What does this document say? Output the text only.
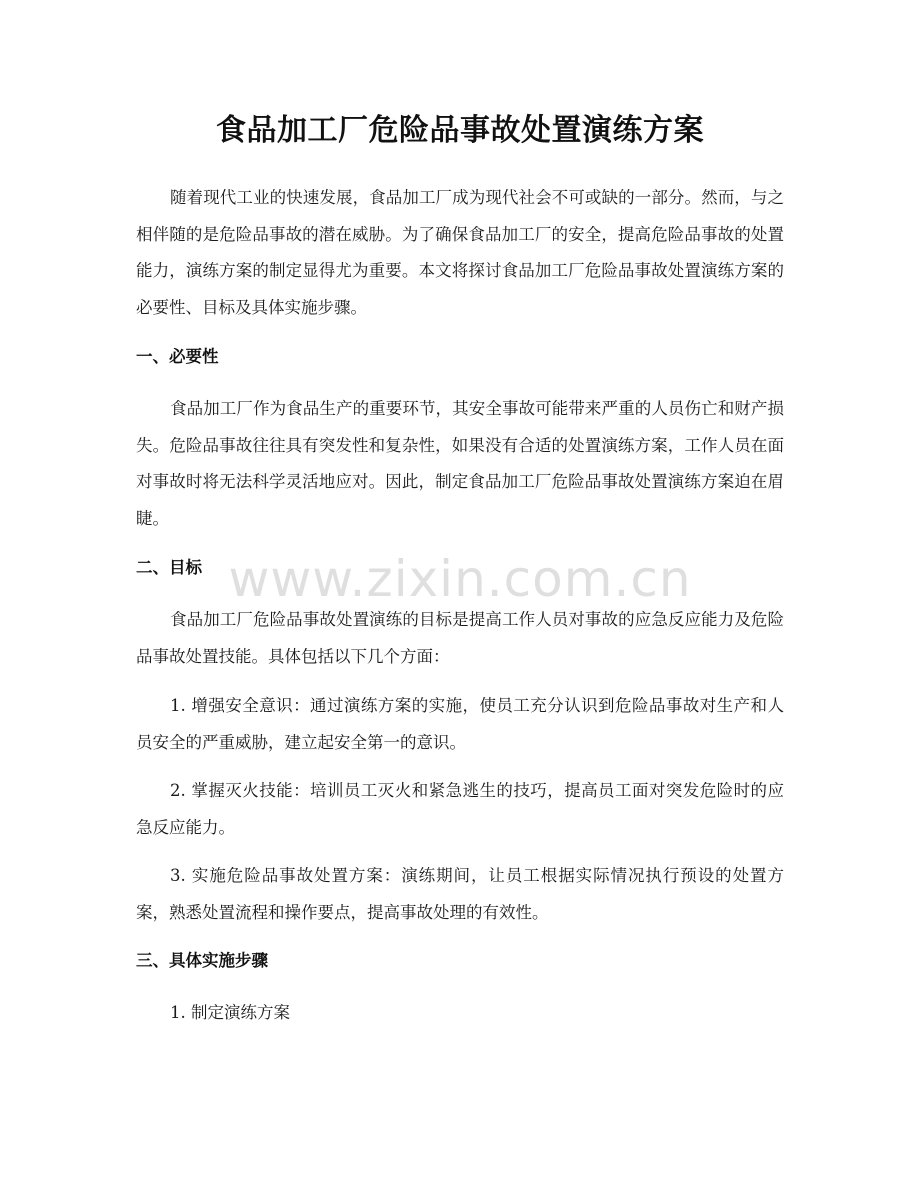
食品加工厂危险品事故处置演练方案

随着现代工业的快速发展，食品加工厂成为现代社会不可或缺的一部分。然而，与之相伴随的是危险品事故的潜在威胁。为了确保食品加工厂的安全，提高危险品事故的处置能力，演练方案的制定显得尤为重要。本文将探讨食品加工厂危险品事故处置演练方案的必要性、目标及具体实施步骤。

一、必要性

食品加工厂作为食品生产的重要环节，其安全事故可能带来严重的人员伤亡和财产损失。危险品事故往往具有突发性和复杂性，如果没有合适的处置演练方案，工作人员在面对事故时将无法科学灵活地应对。因此，制定食品加工厂危险品事故处置演练方案迫在眉睫。

二、目标

食品加工厂危险品事故处置演练的目标是提高工作人员对事故的应急反应能力及危险品事故处置技能。具体包括以下几个方面：

1. 增强安全意识：通过演练方案的实施，使员工充分认识到危险品事故对生产和人员安全的严重威胁，建立起安全第一的意识。

2. 掌握灭火技能：培训员工灭火和紧急逃生的技巧，提高员工面对突发危险时的应急反应能力。

3. 实施危险品事故处置方案：演练期间，让员工根据实际情况执行预设的处置方案，熟悉处置流程和操作要点，提高事故处理的有效性。

三、具体实施步骤

1. 制定演练方案

www.zixin.com.cn
